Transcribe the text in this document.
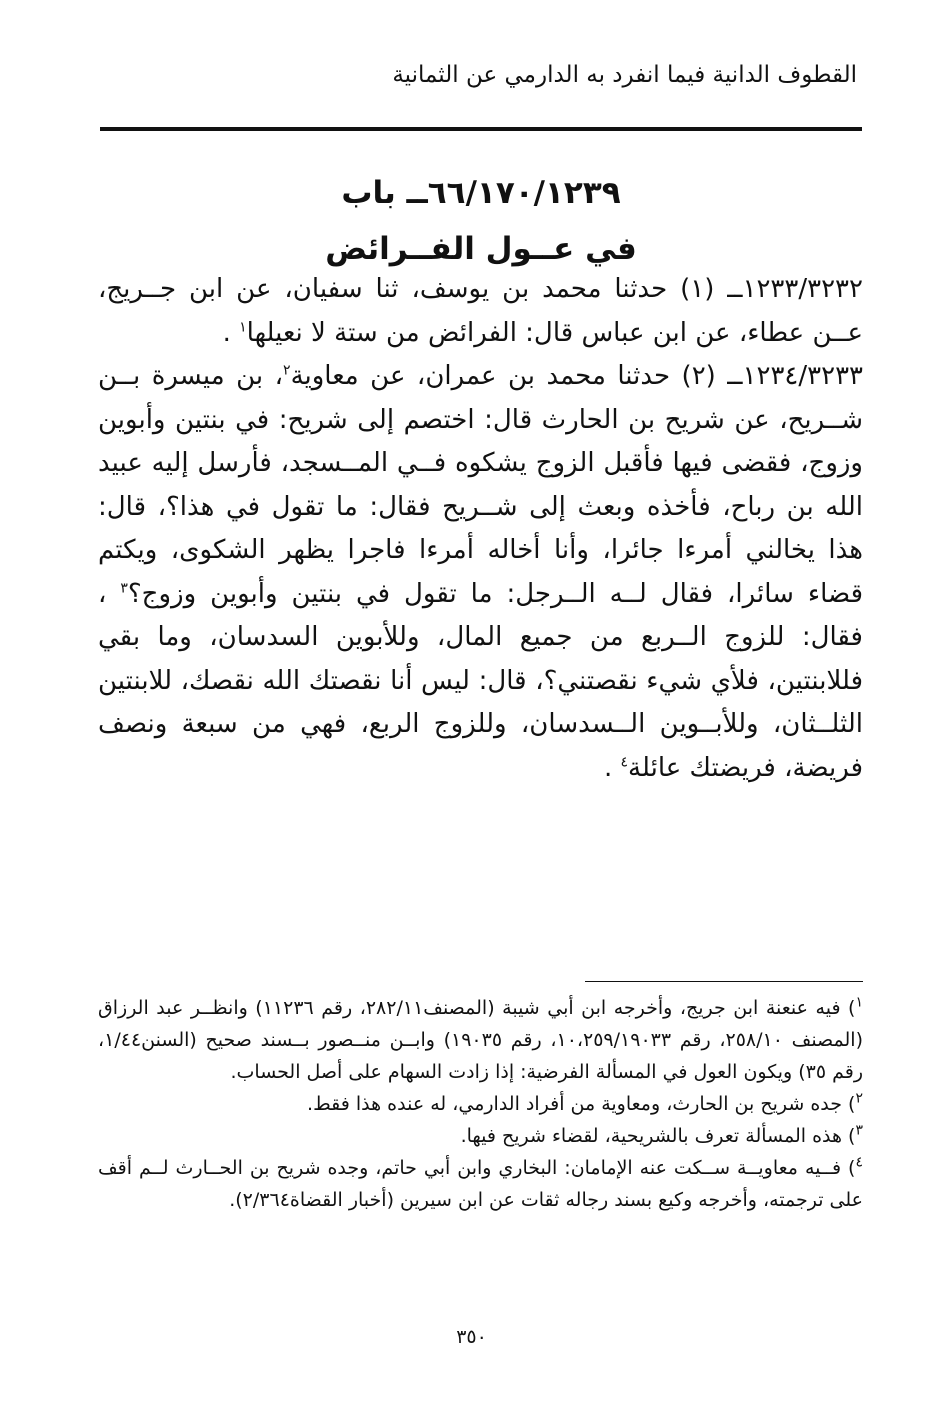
القطوف الدانية فيما انفرد به الدارمي عن الثمانية
٦٦/١٧٠/١٢٣٩ــ باب
في عــول الفــرائض

١٢٣٣/٣٢٣٢ــ (١) حدثنا محمد بن يوسف، ثنا سفيان، عن ابن جــريج، عــن عطاء، عن ابن عباس قال: الفرائض من ستة لا نعيلها$^١$ .

١٢٣٤/٣٢٣٣ــ (٢) حدثنا محمد بن عمران، عن معاوية$^٢$، بن ميسرة بــن شــريح، عن شريح بن الحارث قال: اختصم إلى شريح: في بنتين وأبوين وزوج، فقضى فيها فأقبل الزوج يشكوه فــي المــسجد، فأرسل إليه عبيد الله بن رباح، فأخذه وبعث إلى شــريح فقال: ما تقول في هذا؟، قال: هذا يخالني أمرءا جائرا، وأنا أخاله أمرءا فاجرا يظهر الشكوى، ويكتم قضاء سائرا، فقال لــه الــرجل: ما تقول في بنتين وأبوين وزوج؟$^٣$ ، فقال: للزوج الــربع من جميع المال، وللأبوين السدسان، وما بقي فللابنتين، فلأي شيء نقصتني؟، قال: ليس أنا نقصتك الله نقصك، للابنتين الثلــثان، وللأبــوين الــسدسان، وللزوج الربع، فهي من سبعة ونصف فريضة، فريضتك عائلة$^٤$ .

$^١$) فيه عنعنة ابن جريج، وأخرجه ابن أبي شيبة (المصنف٢٨٢/١١، رقم ١١٢٣٦) وانظــر عبد الرزاق (المصنف ٢٥٨/١٠، رقم ١٠،٢٥٩/١٩٠٣٣، رقم ١٩٠٣٥) وابــن منــصور بــسند صحيح (السنن١/٤٤، رقم ٣٥) ويكون العول في المسألة الفرضية: إذا زادت السهام على أصل الحساب.

$^٢$) جده شريح بن الحارث، ومعاوية من أفراد الدارمي، له عنده هذا فقط.

$^٣$) هذه المسألة تعرف بالشريحية، لقضاء شريح فيها.

$^٤$) فــيه معاويــة ســكت عنه الإمامان: البخاري وابن أبي حاتم، وجده شريح بن الحــارث لــم أقف على ترجمته، وأخرجه وكيع بسند رجاله ثقات عن ابن سيرين (أخبار القضاة٢/٣٦٤).

٣٥٠
